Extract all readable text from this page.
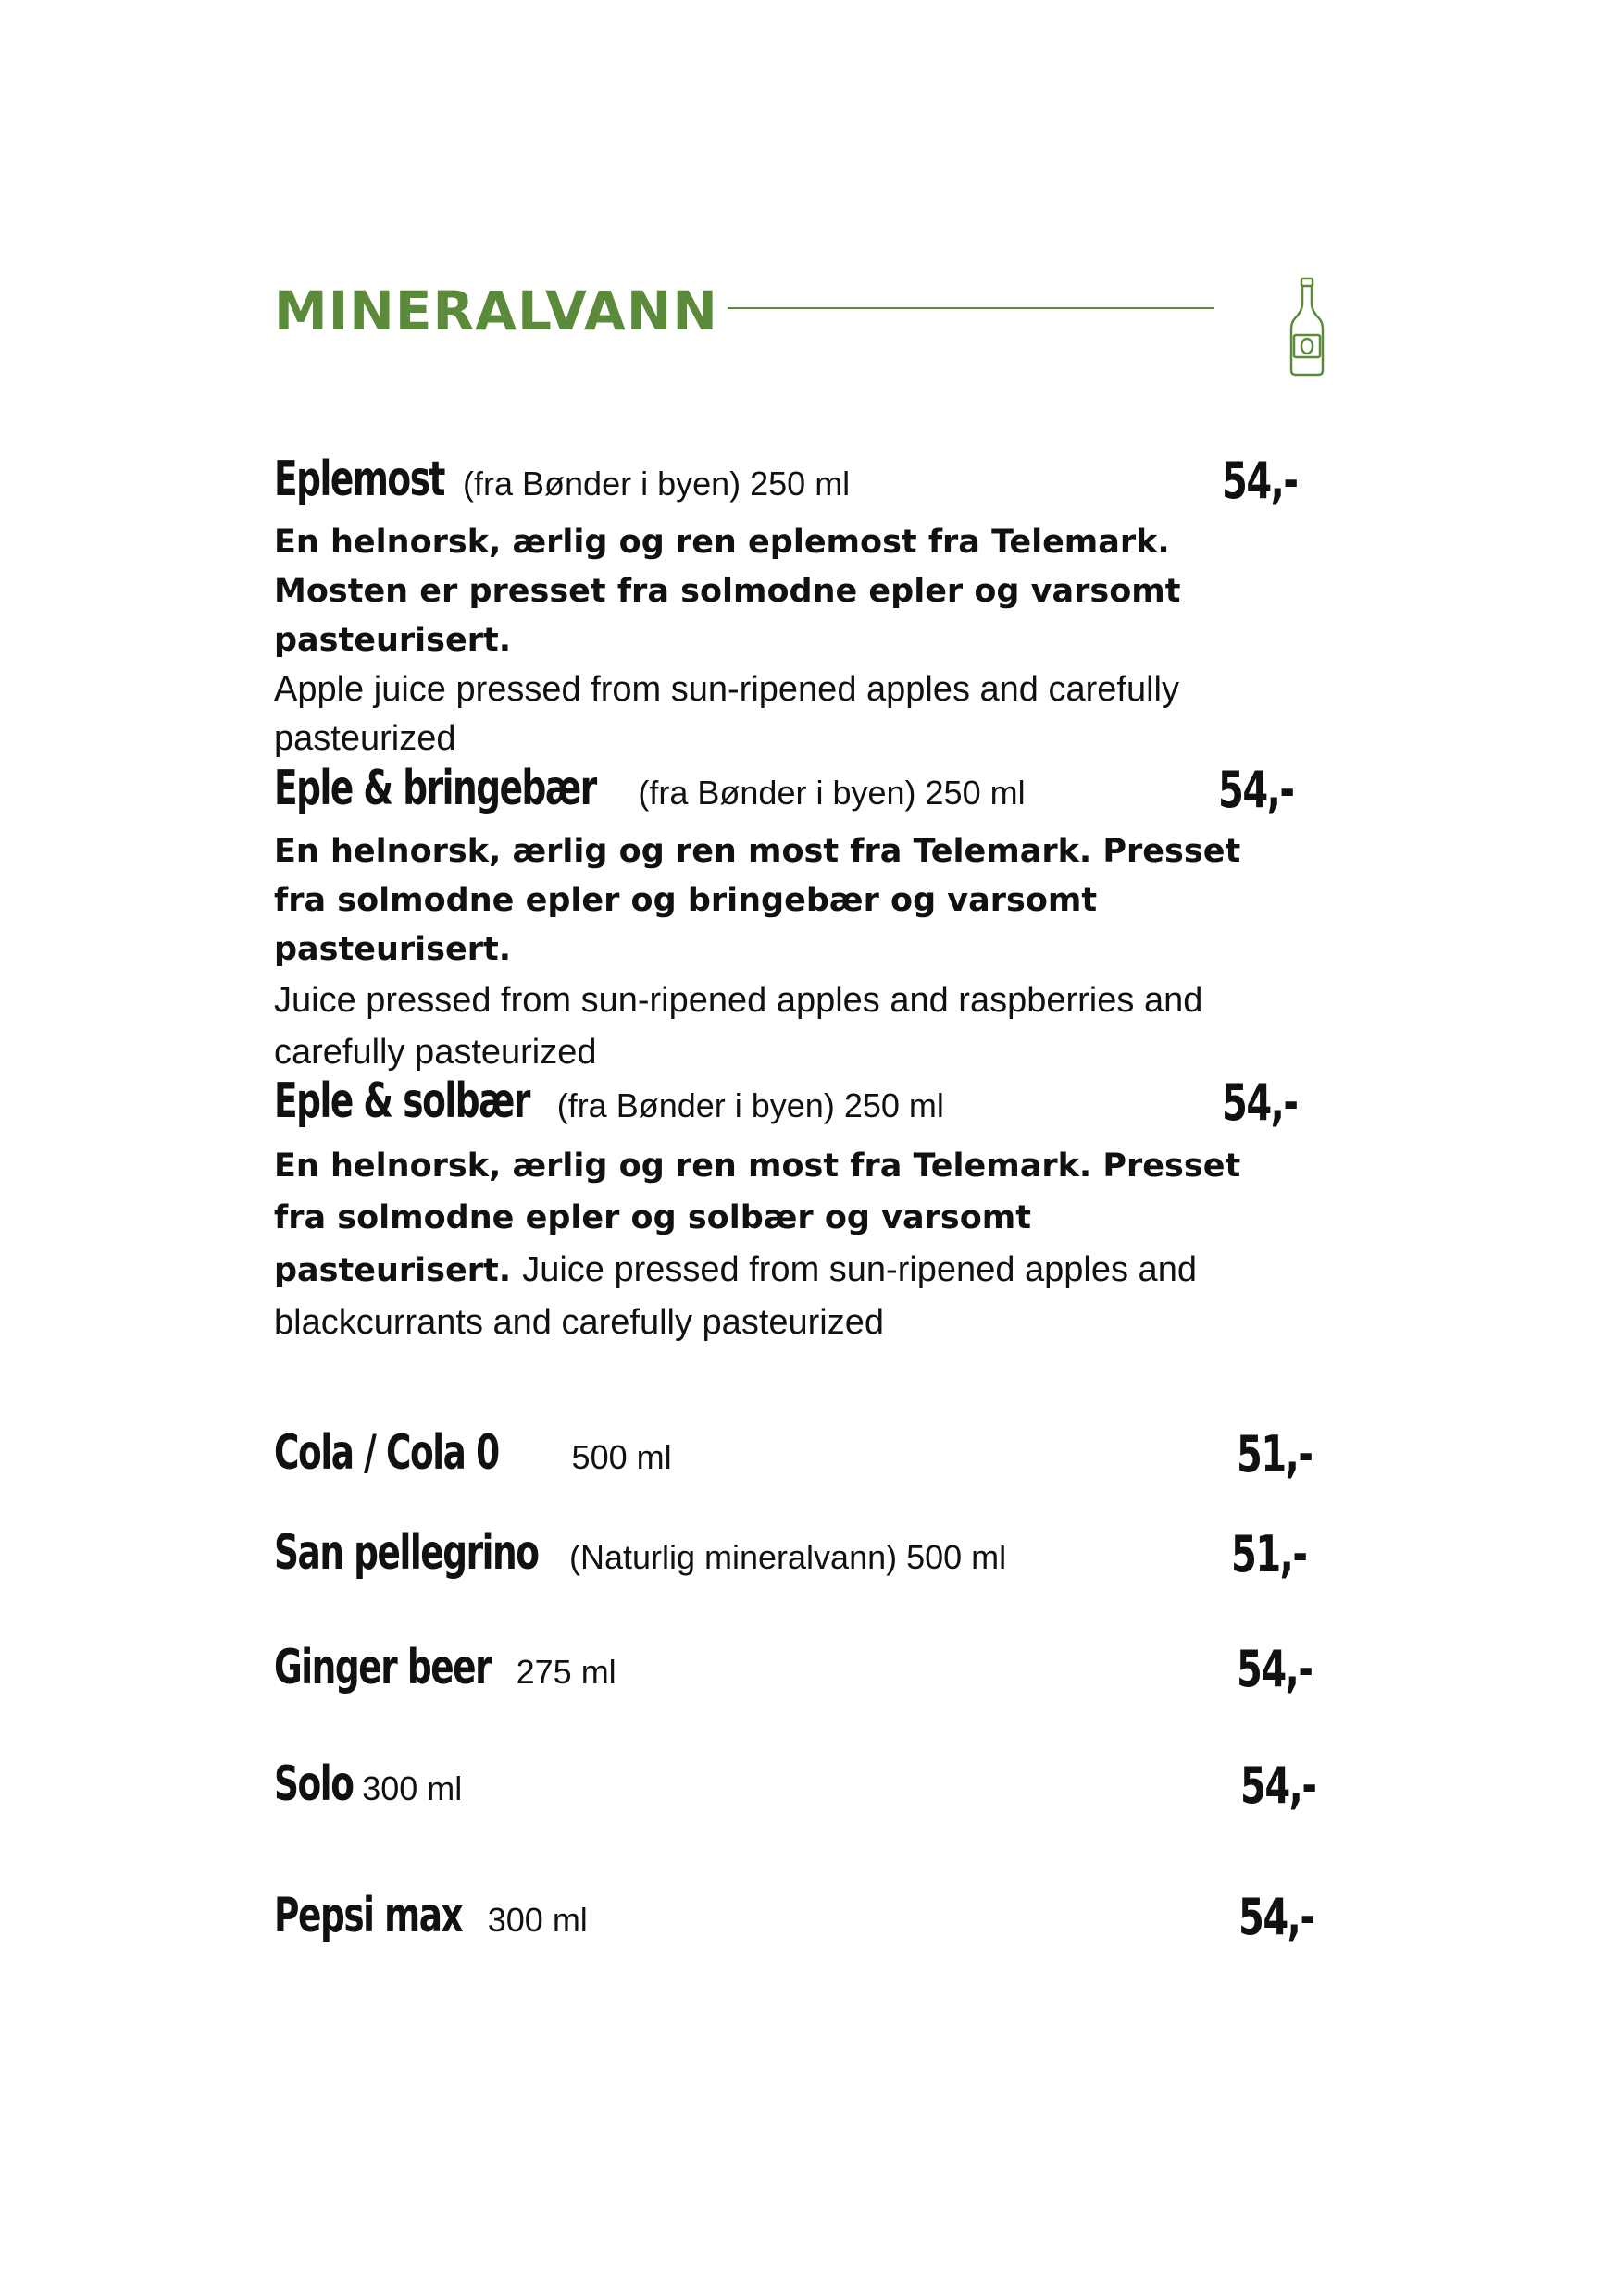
MINERALVANN
Eplemost (fra Bønder i byen) 250 ml	54,-

En helnorsk, ærlig og ren eplemost fra Telemark. Mosten er presset fra solmodne epler og varsomt pasteurisert.

Apple juice pressed from sun-ripened apples and carefully pasteurized

Eple & bringebær (fra Bønder i byen) 250 ml	54,-

En helnorsk, ærlig og ren most fra Telemark. Presset fra solmodne epler og bringebær og varsomt pasteurisert.

Juice pressed from sun-ripened apples and raspberries and carefully pasteurized

Eple & solbær (fra Bønder i byen) 250 ml	54,-

En helnorsk, ærlig og ren most fra Telemark. Presset fra solmodne epler og solbær og varsomt pasteurisert. Juice pressed from sun-ripened apples and blackcurrants and carefully pasteurized

Cola / Cola 0 500 ml	51,-
San pellegrino (Naturlig mineralvann) 500 ml	51,-
Ginger beer 275 ml	54,-
Solo 300 ml	54,-
Pepsi max 300 ml	54,-
